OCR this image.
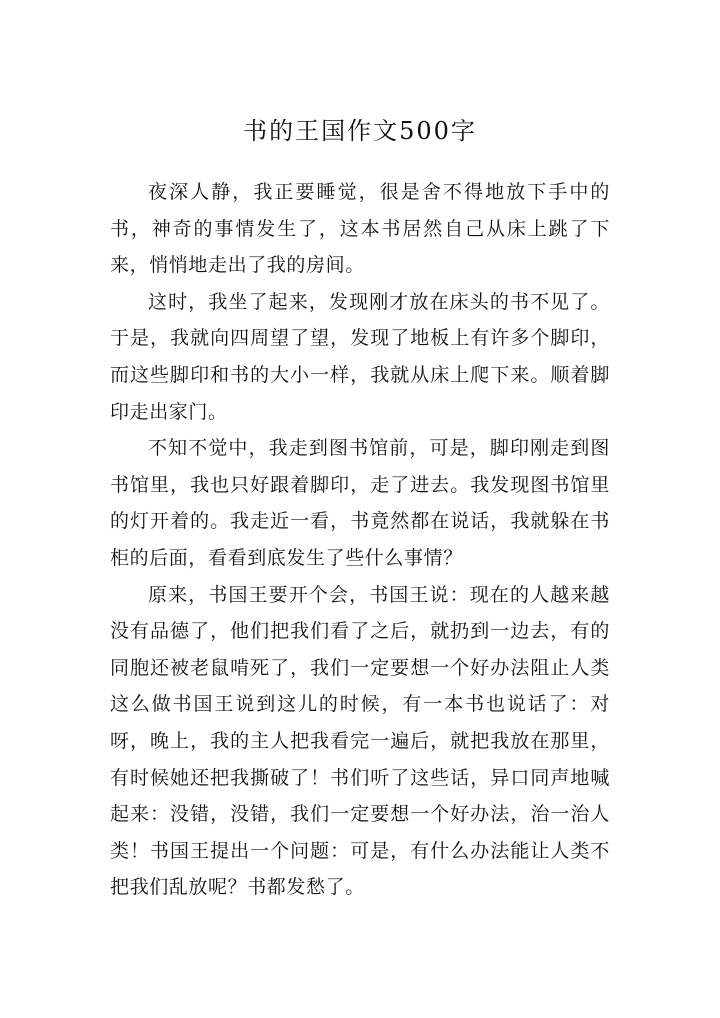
书的王国作文500字

夜深人静，我正要睡觉，很是舍不得地放下手中的书，神奇的事情发生了，这本书居然自己从床上跳了下来，悄悄地走出了我的房间。

这时，我坐了起来，发现刚才放在床头的书不见了。于是，我就向四周望了望，发现了地板上有许多个脚印，而这些脚印和书的大小一样，我就从床上爬下来。顺着脚印走出家门。

不知不觉中，我走到图书馆前，可是，脚印刚走到图书馆里，我也只好跟着脚印，走了进去。我发现图书馆里的灯开着的。我走近一看，书竟然都在说话，我就躲在书柜的后面，看看到底发生了些什么事情？

原来，书国王要开个会，书国王说：现在的人越来越没有品德了，他们把我们看了之后，就扔到一边去，有的同胞还被老鼠啃死了，我们一定要想一个好办法阻止人类这么做书国王说到这儿的时候，有一本书也说话了：对呀，晚上，我的主人把我看完一遍后，就把我放在那里，有时候她还把我撕破了！书们听了这些话，异口同声地喊起来：没错，没错，我们一定要想一个好办法，治一治人类！书国王提出一个问题：可是，有什么办法能让人类不把我们乱放呢？书都发愁了。
